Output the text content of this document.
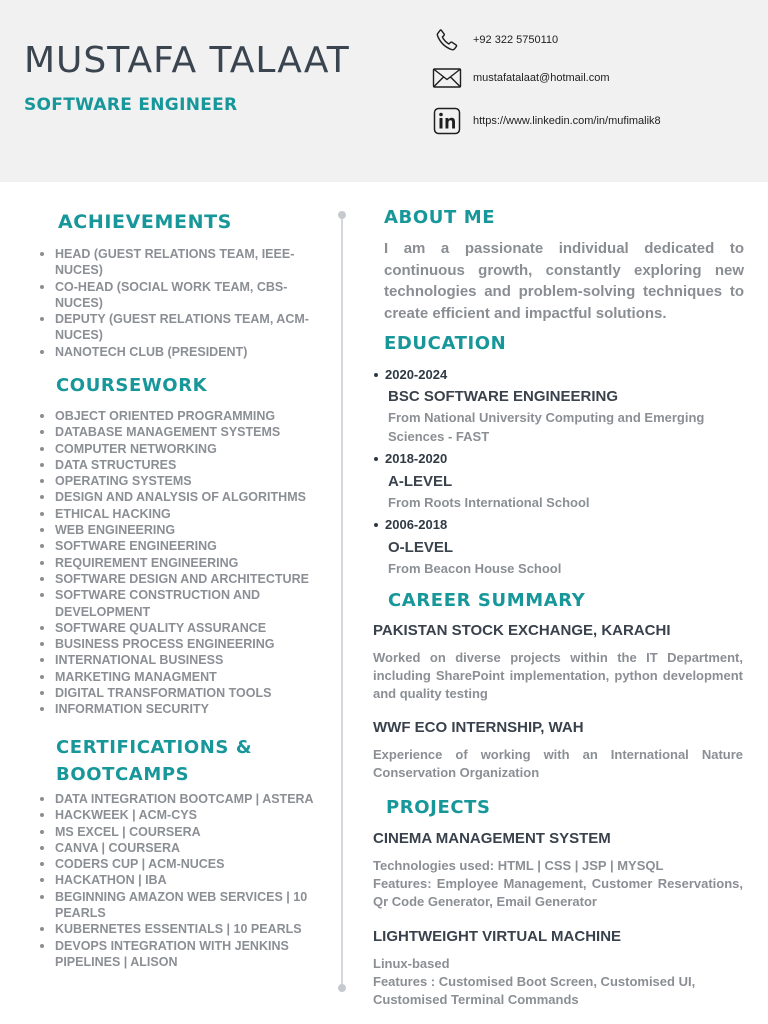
MUSTAFA TALAAT
SOFTWARE ENGINEER
+92 322 5750110
mustafatalaat@hotmail.com
https://www.linkedin.com/in/mufimalik8
ACHIEVEMENTS
HEAD (GUEST RELATIONS TEAM, IEEE-NUCES)
CO-HEAD (SOCIAL WORK TEAM, CBS-NUCES)
DEPUTY (GUEST RELATIONS TEAM, ACM-NUCES)
NANOTECH CLUB (PRESIDENT)
COURSEWORK
OBJECT ORIENTED PROGRAMMING
DATABASE MANAGEMENT SYSTEMS
COMPUTER NETWORKING
DATA STRUCTURES
OPERATING SYSTEMS
DESIGN AND ANALYSIS OF ALGORITHMS
ETHICAL HACKING
WEB ENGINEERING
SOFTWARE ENGINEERING
REQUIREMENT ENGINEERING
SOFTWARE DESIGN AND ARCHITECTURE
SOFTWARE CONSTRUCTION AND DEVELOPMENT
SOFTWARE QUALITY ASSURANCE
BUSINESS PROCESS ENGINEERING
INTERNATIONAL BUSINESS
MARKETING MANAGMENT
DIGITAL TRANSFORMATION TOOLS
INFORMATION SECURITY
CERTIFICATIONS &
BOOTCAMPS
DATA INTEGRATION BOOTCAMP | ASTERA
HACKWEEK | ACM-CYS
MS EXCEL | COURSERA
CANVA | COURSERA
CODERS CUP | ACM-NUCES
HACKATHON | IBA
BEGINNING AMAZON WEB SERVICES | 10 PEARLS
KUBERNETES ESSENTIALS | 10 PEARLS
DEVOPS INTEGRATION WITH JENKINS PIPELINES | ALISON
ABOUT ME
I am a passionate individual dedicated to continuous growth, constantly exploring new technologies and problem-solving techniques to create efficient and impactful solutions.
EDUCATION
2020-2024
BSC SOFTWARE ENGINEERING
From National University Computing and Emerging Sciences - FAST
2018-2020
A-LEVEL
From Roots International School
2006-2018
O-LEVEL
From Beacon House School
CAREER SUMMARY
PAKISTAN STOCK EXCHANGE, KARACHI
Worked on diverse projects within the IT Department, including SharePoint implementation, python development and quality testing
WWF ECO INTERNSHIP, WAH
Experience of working with an International Nature Conservation Organization
PROJECTS
CINEMA MANAGEMENT SYSTEM
Technologies used: HTML | CSS | JSP | MYSQL
Features: Employee Management, Customer Reservations, Qr Code Generator, Email Generator
LIGHTWEIGHT VIRTUAL MACHINE
Linux-based
Features : Customised Boot Screen, Customised UI, Customised Terminal Commands
